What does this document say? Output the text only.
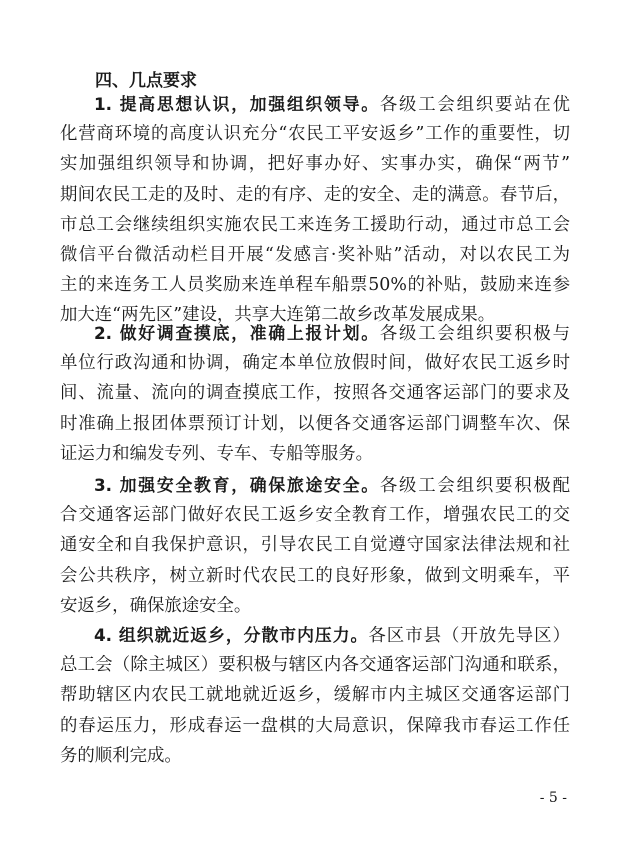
四、几点要求
1. 提高思想认识，加强组织领导。各级工会组织要站在优
化营商环境的高度认识充分“农民工平安返乡”工作的重要性，切
实加强组织领导和协调，把好事办好、实事办实，确保“两节”
期间农民工走的及时、走的有序、走的安全、走的满意。春节后，
市总工会继续组织实施农民工来连务工援助行动，通过市总工会
微信平台微活动栏目开展“发感言·奖补贴”活动，对以农民工为
主的来连务工人员奖励来连单程车船票50%的补贴，鼓励来连参
加大连“两先区”建设，共享大连第二故乡改革发展成果。
2. 做好调查摸底，准确上报计划。各级工会组织要积极与
单位行政沟通和协调，确定本单位放假时间，做好农民工返乡时
间、流量、流向的调查摸底工作，按照各交通客运部门的要求及
时准确上报团体票预订计划，以便各交通客运部门调整车次、保
证运力和编发专列、专车、专船等服务。
3. 加强安全教育，确保旅途安全。各级工会组织要积极配
合交通客运部门做好农民工返乡安全教育工作，增强农民工的交
通安全和自我保护意识，引导农民工自觉遵守国家法律法规和社
会公共秩序，树立新时代农民工的良好形象，做到文明乘车，平
安返乡，确保旅途安全。
4. 组织就近返乡，分散市内压力。各区市县（开放先导区）
总工会（除主城区）要积极与辖区内各交通客运部门沟通和联系，
帮助辖区内农民工就地就近返乡，缓解市内主城区交通客运部门
的春运压力，形成春运一盘棋的大局意识，保障我市春运工作任
务的顺利完成。
- 5 -
